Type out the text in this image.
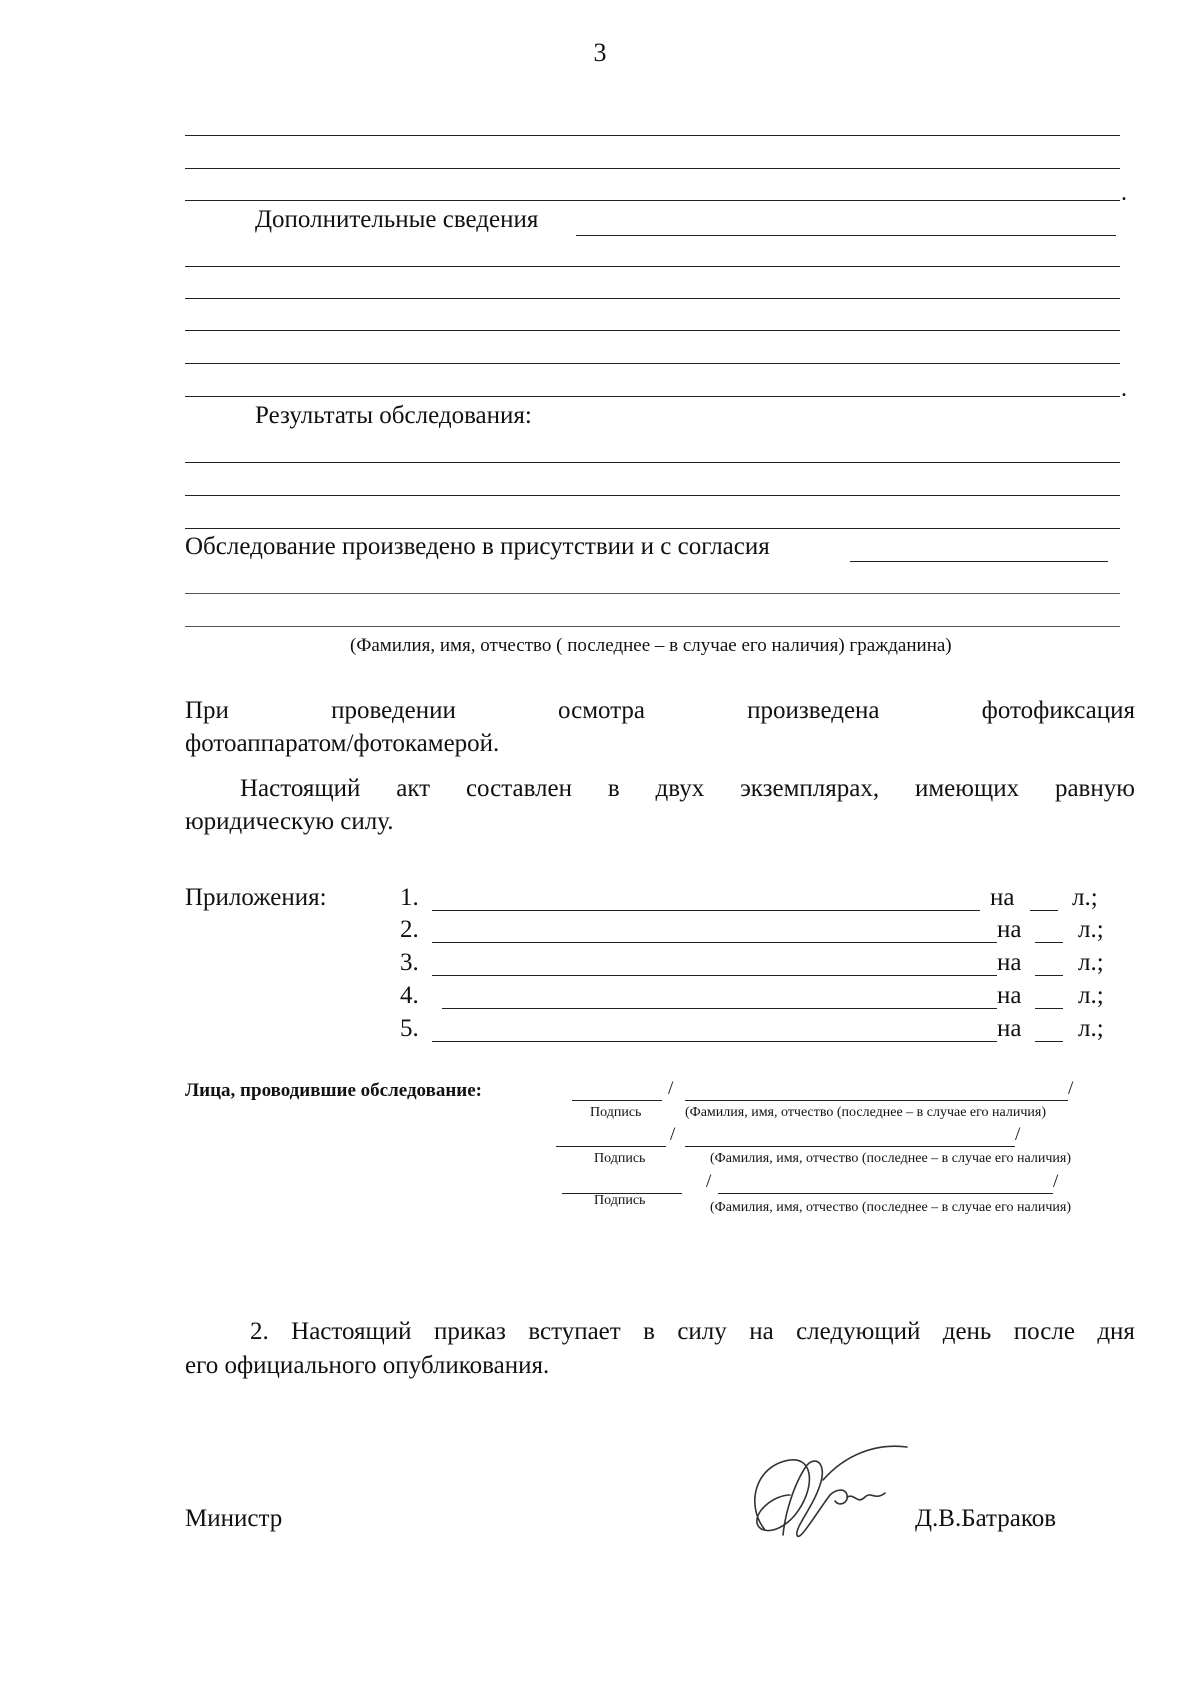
3
.
Дополнительные сведения
.
Результаты обследования:
Обследование произведено в присутствии и с согласия
(Фамилия, имя, отчество ( последнее – в случае его наличия) гражданина)
При	проведении	осмотра	произведена	фотофиксация
фотоаппаратом/фотокамерой.
Настоящий акт составлен в двух экземплярах, имеющих равную
юридическую силу.
Приложения:	1.	на л.;
2.	на л.;
3.	на л.;
4.	на л.;
5.	на л.;
Лица, проводившие обследование:	/	/
Подпись	(Фамилия, имя, отчество (последнее – в случае его наличия)
/	/
Подпись	(Фамилия, имя, отчество (последнее – в случае его наличия)
/	/
Подпись	(Фамилия, имя, отчество (последнее – в случае его наличия)
2. Настоящий приказ вступает в силу на следующий день после дня
его официального опубликования.
Министр	Д.В.Батраков
